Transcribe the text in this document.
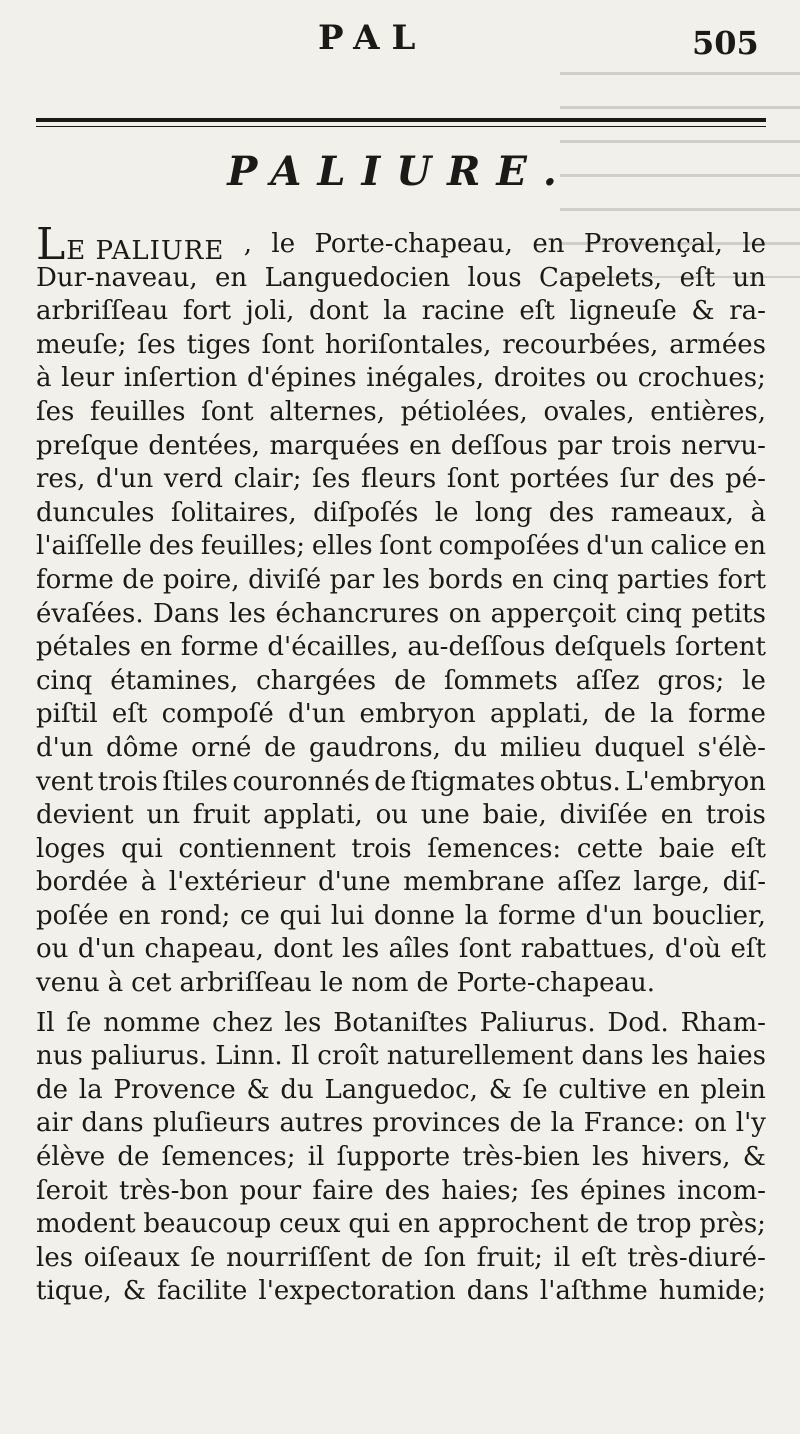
PAL	505
PALIURE.
LE PALIURE , le Porte-chapeau, en Provençal, le
Dur-naveau, en Languedocien lous Capelets, eſt un
arbriſſeau fort joli, dont la racine eſt ligneuſe & ra-
meuſe; ſes tiges ſont horiſontales, recourbées, armées
à leur inſertion d'épines inégales, droites ou crochues;
ſes feuilles ſont alternes, pétiolées, ovales, entières,
preſque dentées, marquées en deſſous par trois nervu-
res, d'un verd clair; ſes fleurs ſont portées ſur des pé-
duncules ſolitaires, diſpoſés le long des rameaux, à
l'aiſſelle des feuilles; elles ſont compoſées d'un calice en
forme de poire, diviſé par les bords en cinq parties fort
évaſées. Dans les échancrures on apperçoit cinq petits
pétales en forme d'écailles, au-deſſous deſquels ſortent
cinq étamines, chargées de ſommets aſſez gros; le
piſtil eſt compoſé d'un embryon applati, de la forme
d'un dôme orné de gaudrons, du milieu duquel s'élè-
vent trois ſtiles couronnés de ſtigmates obtus. L'embryon
devient un fruit applati, ou une baie, diviſée en trois
loges qui contiennent trois ſemences: cette baie eſt
bordée à l'extérieur d'une membrane aſſez large, diſ-
poſée en rond; ce qui lui donne la forme d'un bouclier,
ou d'un chapeau, dont les aîles ſont rabattues, d'où eſt
venu à cet arbriſſeau le nom de Porte-chapeau.
Il ſe nomme chez les Botaniſtes Paliurus. Dod. Rham-
nus paliurus. Linn. Il croît naturellement dans les haies
de la Provence & du Languedoc, & ſe cultive en plein
air dans pluſieurs autres provinces de la France: on l'y
élève de ſemences; il ſupporte très-bien les hivers, &
ſeroit très-bon pour faire des haies; ſes épines incom-
modent beaucoup ceux qui en approchent de trop près;
les oiſeaux ſe nourriſſent de ſon fruit; il eſt très-diuré-
tique, & facilite l'expectoration dans l'aſthme humide;
